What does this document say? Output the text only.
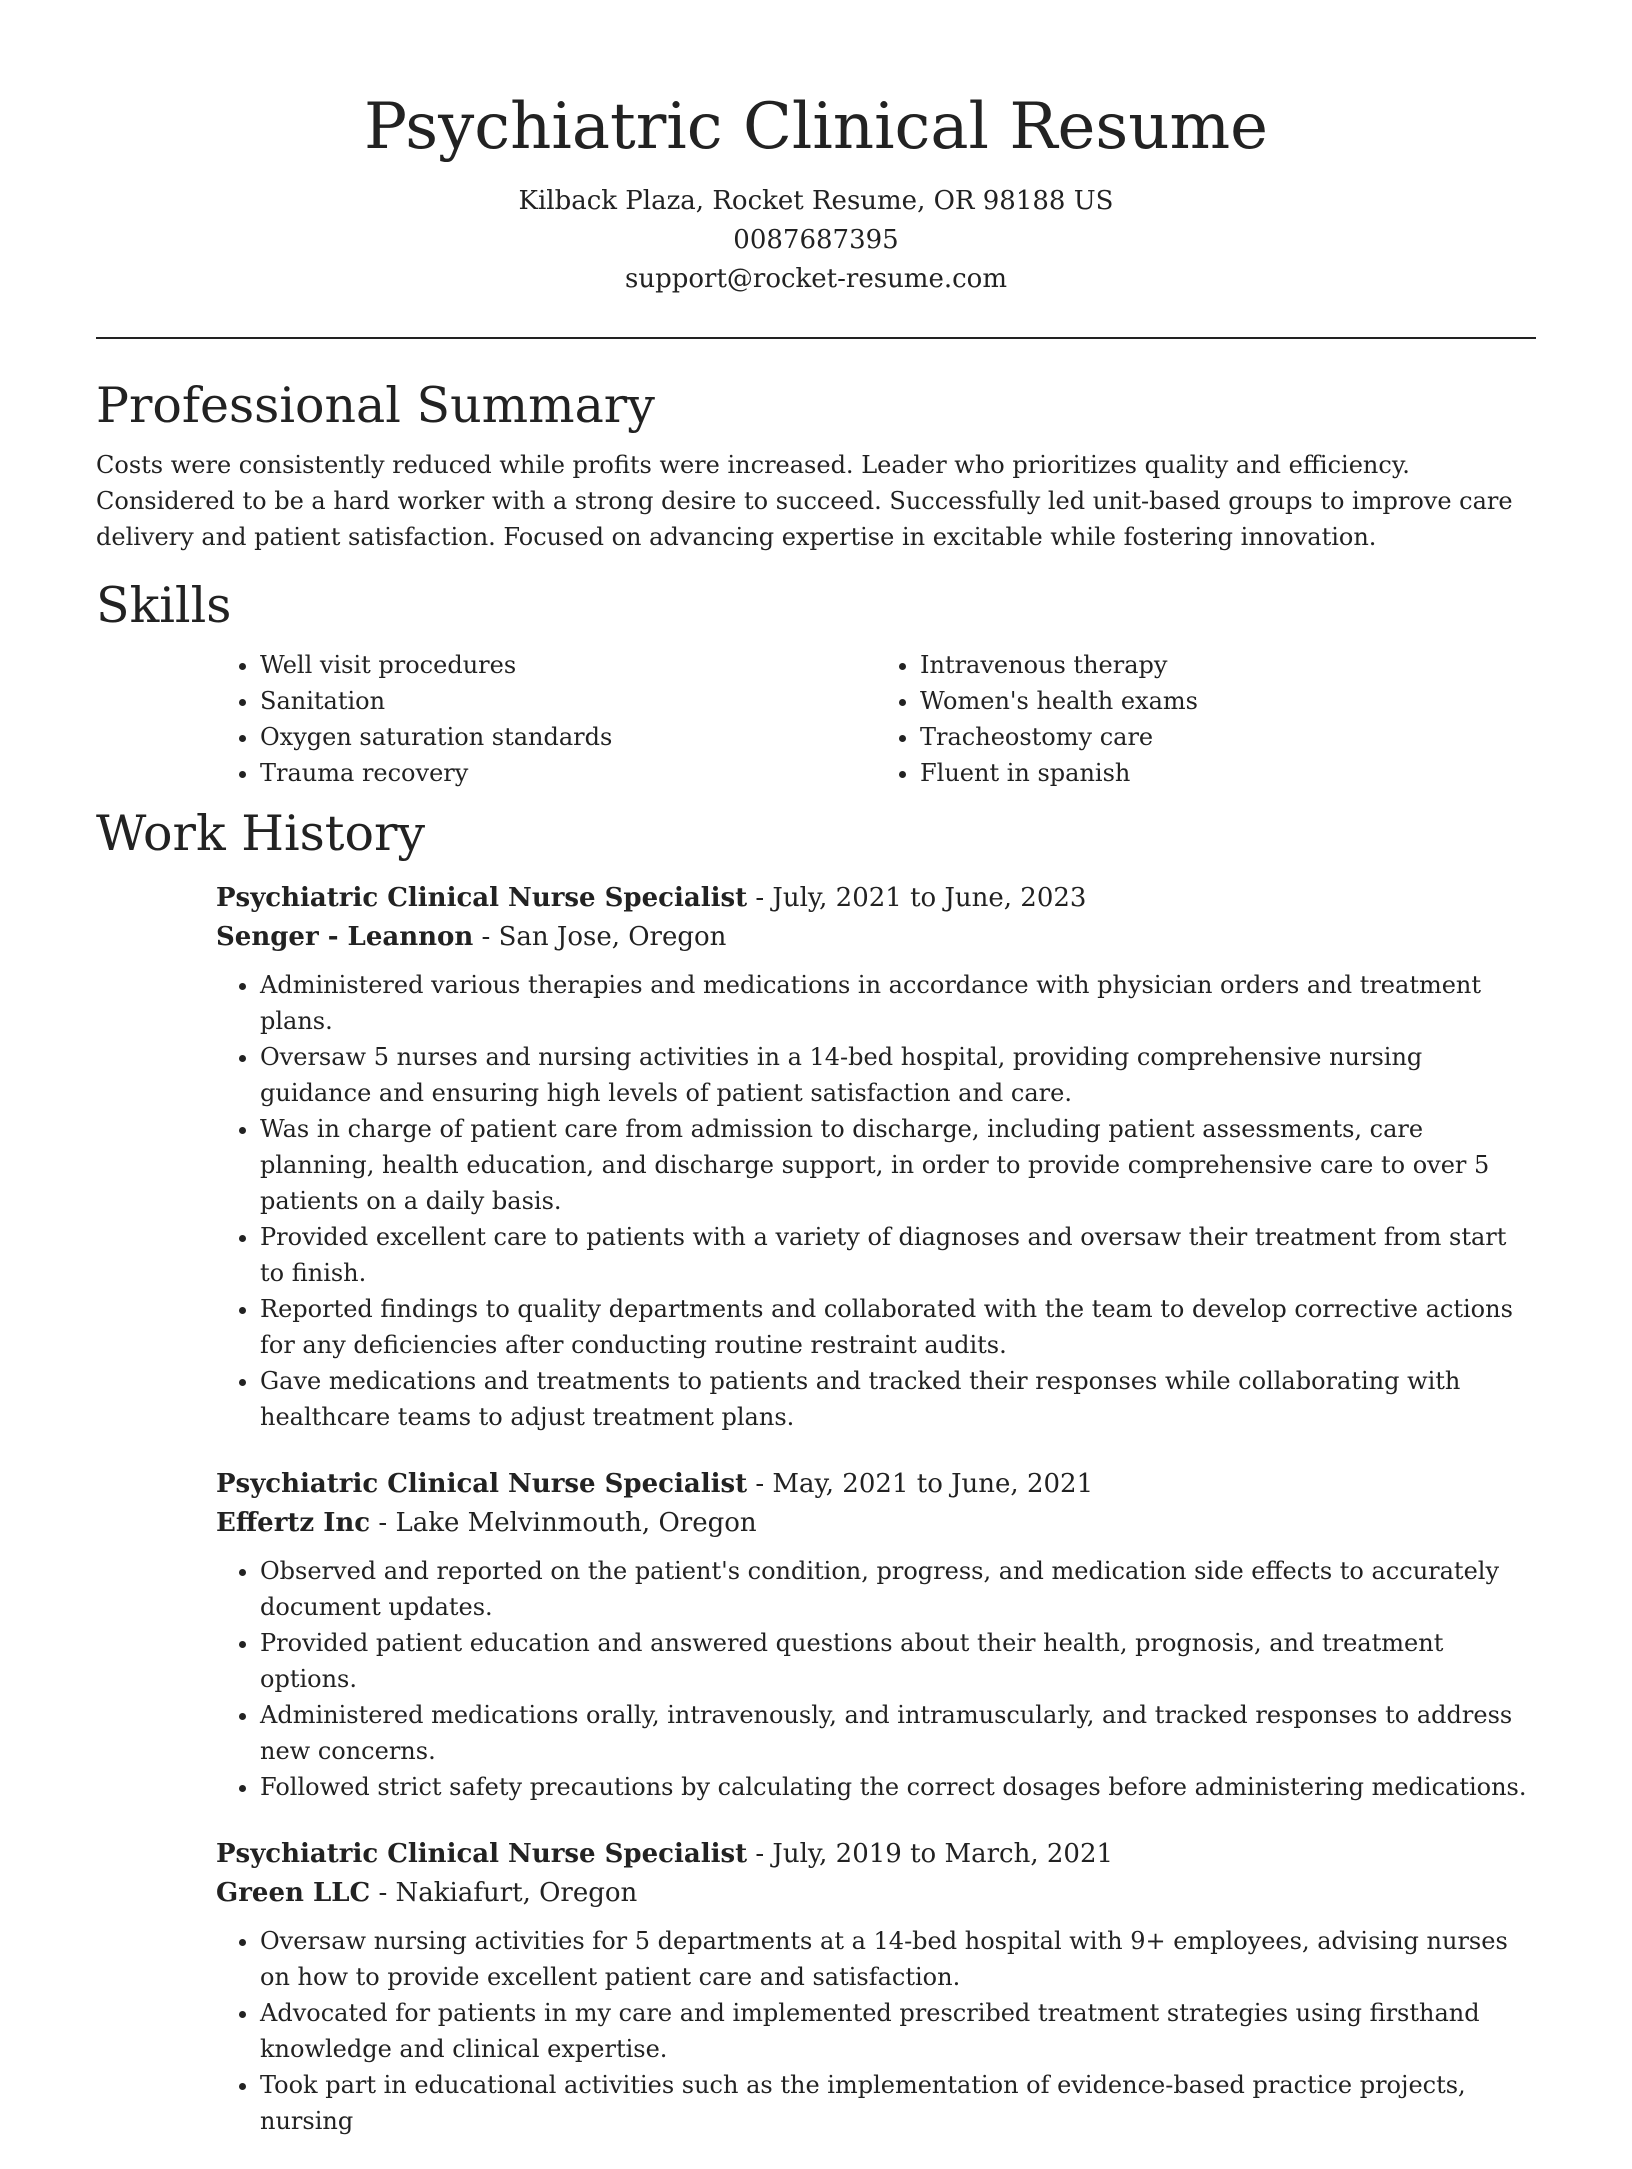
Psychiatric Clinical Resume

Kilback Plaza, Rocket Resume, OR 98188 US

0087687395

support@rocket-resume.com

Professional Summary

Costs were consistently reduced while profits were increased. Leader who prioritizes quality and efficiency. Considered to be a hard worker with a strong desire to succeed. Successfully led unit-based groups to improve care delivery and patient satisfaction. Focused on advancing expertise in excitable while fostering innovation.

Skills
• Well visit procedures
• Sanitation
• Oxygen saturation standards
• Trauma recovery
• Intravenous therapy
• Women's health exams
• Tracheostomy care
• Fluent in spanish
Work History

Psychiatric Clinical Nurse Specialist - July, 2021 to June, 2023

Senger - Leannon - San Jose, Oregon

• Administered various therapies and medications in accordance with physician orders and treatment plans.
• Oversaw 5 nurses and nursing activities in a 14-bed hospital, providing comprehensive nursing guidance and ensuring high levels of patient satisfaction and care.
• Was in charge of patient care from admission to discharge, including patient assessments, care planning, health education, and discharge support, in order to provide comprehensive care to over 5 patients on a daily basis.
• Provided excellent care to patients with a variety of diagnoses and oversaw their treatment from start to finish.
• Reported findings to quality departments and collaborated with the team to develop corrective actions for any deficiencies after conducting routine restraint audits.
• Gave medications and treatments to patients and tracked their responses while collaborating with healthcare teams to adjust treatment plans.

Psychiatric Clinical Nurse Specialist - May, 2021 to June, 2021

Effertz Inc - Lake Melvinmouth, Oregon

• Observed and reported on the patient's condition, progress, and medication side effects to accurately document updates.
• Provided patient education and answered questions about their health, prognosis, and treatment options.
• Administered medications orally, intravenously, and intramuscularly, and tracked responses to address new concerns.
• Followed strict safety precautions by calculating the correct dosages before administering medications.

Psychiatric Clinical Nurse Specialist - July, 2019 to March, 2021

Green LLC - Nakiafurt, Oregon

• Oversaw nursing activities for 5 departments at a 14-bed hospital with 9+ employees, advising nurses on how to provide excellent patient care and satisfaction.
• Advocated for patients in my care and implemented prescribed treatment strategies using firsthand knowledge and clinical expertise.
• Took part in educational activities such as the implementation of evidence-based practice projects, nursing
